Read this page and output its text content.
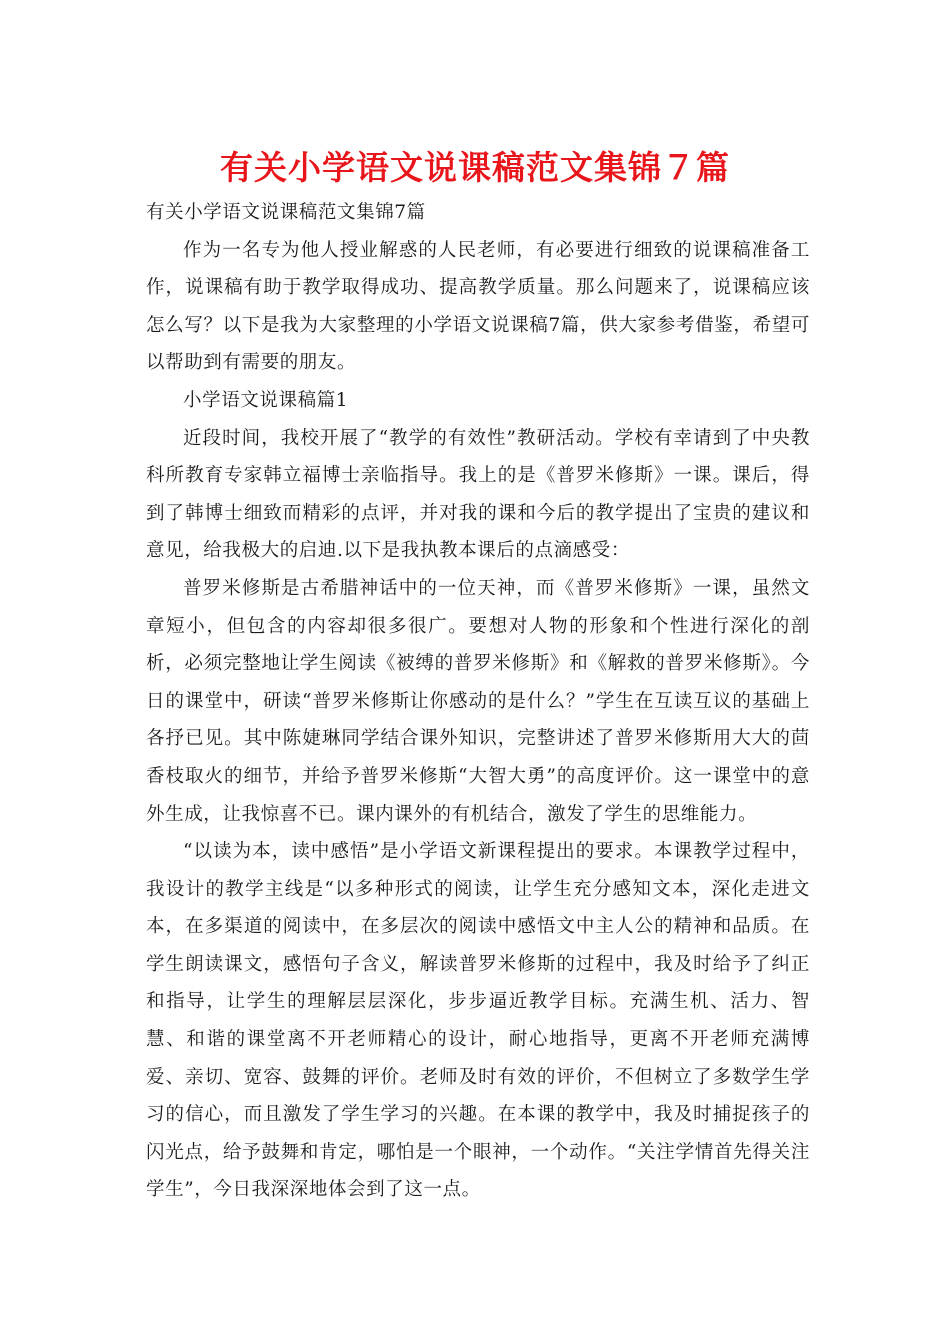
有关小学语文说课稿范文集锦７篇

有关小学语文说课稿范文集锦7篇

作为一名专为他人授业解惑的人民老师，有必要进行细致的说课稿准备工作，说课稿有助于教学取得成功、提高教学质量。那么问题来了，说课稿应该怎么写？以下是我为大家整理的小学语文说课稿7篇，供大家参考借鉴，希望可以帮助到有需要的朋友。

小学语文说课稿篇1

近段时间，我校开展了“教学的有效性”教研活动。学校有幸请到了中央教科所教育专家韩立福博士亲临指导。我上的是《普罗米修斯》一课。课后，得到了韩博士细致而精彩的点评，并对我的课和今后的教学提出了宝贵的建议和意见，给我极大的启迪.以下是我执教本课后的点滴感受：

普罗米修斯是古希腊神话中的一位天神，而《普罗米修斯》一课，虽然文章短小，但包含的内容却很多很广。要想对人物的形象和个性进行深化的剖析，必须完整地让学生阅读《被缚的普罗米修斯》和《解救的普罗米修斯》。今日的课堂中，研读“普罗米修斯让你感动的是什么？”学生在互读互议的基础上各抒已见。其中陈婕琳同学结合课外知识，完整讲述了普罗米修斯用大大的茴香枝取火的细节，并给予普罗米修斯“大智大勇”的高度评价。这一课堂中的意外生成，让我惊喜不已。课内课外的有机结合，激发了学生的思维能力。

“以读为本，读中感悟”是小学语文新课程提出的要求。本课教学过程中，我设计的教学主线是“以多种形式的阅读，让学生充分感知文本，深化走进文本，在多渠道的阅读中，在多层次的阅读中感悟文中主人公的精神和品质。在学生朗读课文，感悟句子含义，解读普罗米修斯的过程中，我及时给予了纠正和指导，让学生的理解层层深化，步步逼近教学目标。充满生机、活力、智慧、和谐的课堂离不开老师精心的设计，耐心地指导，更离不开老师充满博爱、亲切、宽容、鼓舞的评价。老师及时有效的评价，不但树立了多数学生学习的信心，而且激发了学生学习的兴趣。在本课的教学中，我及时捕捉孩子的闪光点，给予鼓舞和肯定，哪怕是一个眼神，一个动作。“关注学情首先得关注学生”，今日我深深地体会到了这一点。
